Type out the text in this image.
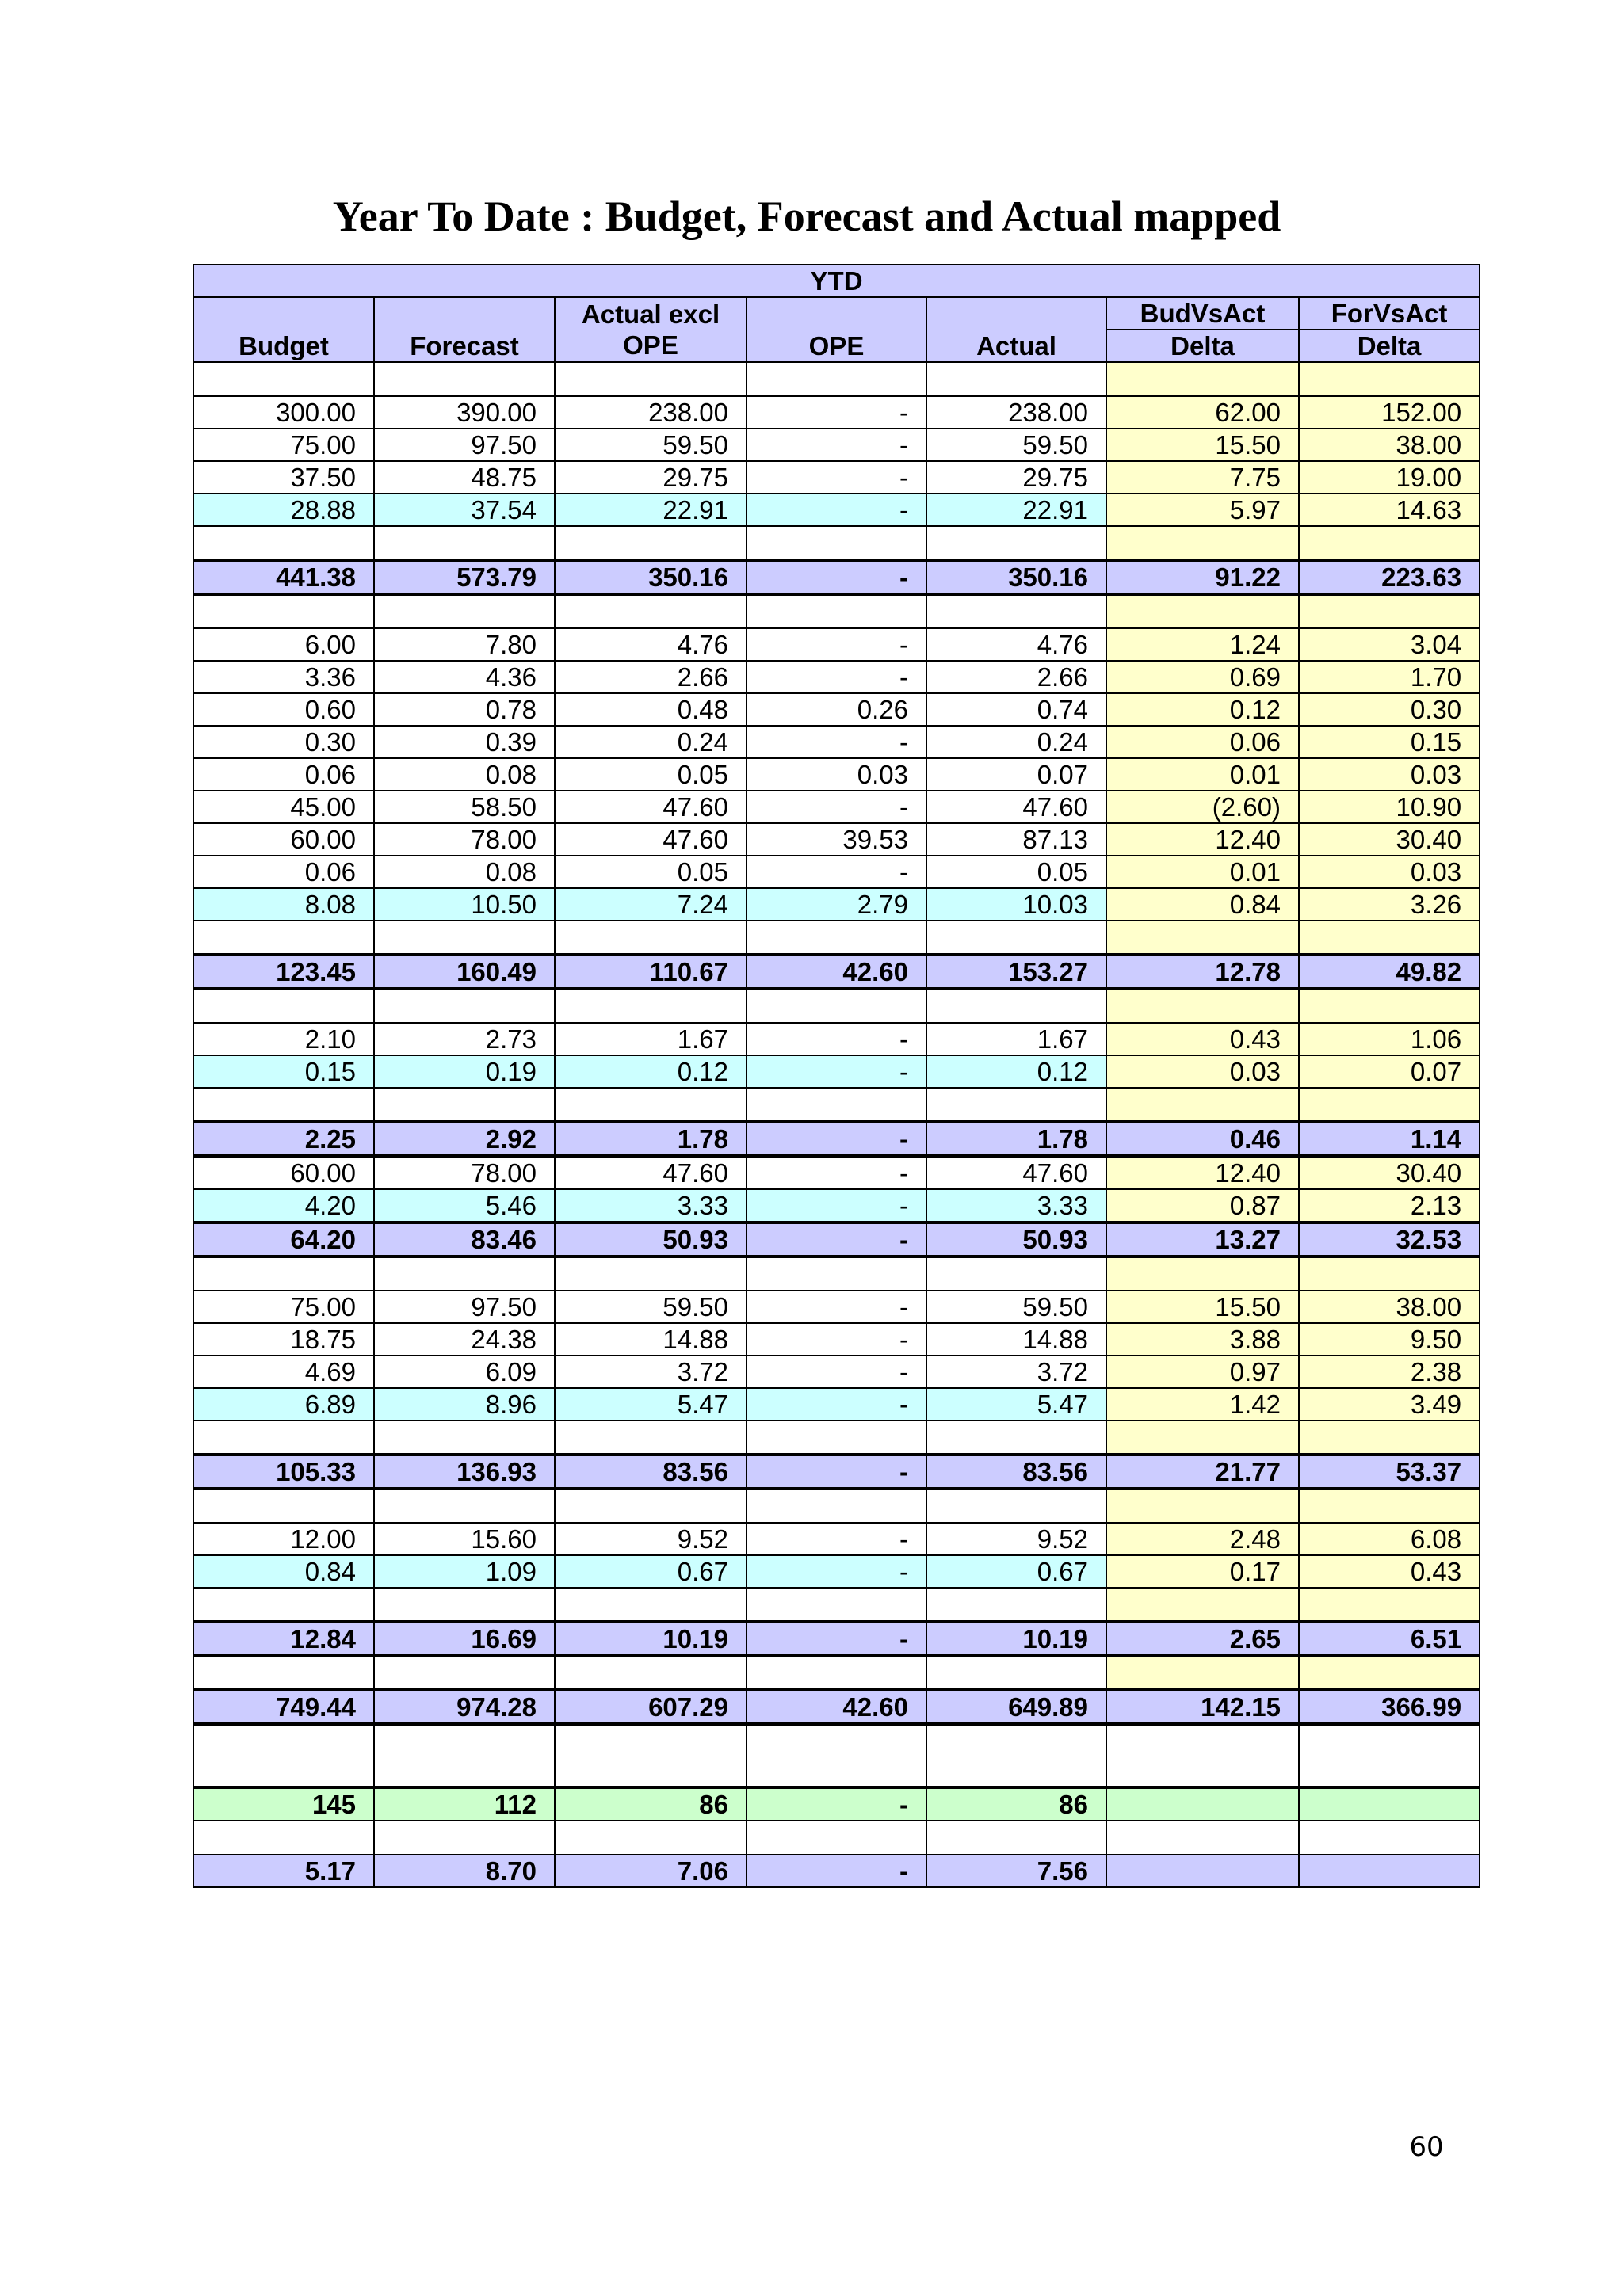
Year To Date : Budget, Forecast and Actual mapped
YTD						
Budget	Forecast	Actual excl	OPE	Actual	BudVsAct	ForVsAct
		OPE			Delta	Delta

300.00	390.00	238.00	-	238.00	62.00	152.00
75.00	97.50	59.50	-	59.50	15.50	38.00
37.50	48.75	29.75	-	29.75	7.75	19.00
28.88	37.54	22.91	-	22.91	5.97	14.63

441.38	573.79	350.16	-	350.16	91.22	223.63

6.00	7.80	4.76	-	4.76	1.24	3.04
3.36	4.36	2.66	-	2.66	0.69	1.70
0.60	0.78	0.48	0.26	0.74	0.12	0.30
0.30	0.39	0.24	-	0.24	0.06	0.15
0.06	0.08	0.05	0.03	0.07	0.01	0.03
45.00	58.50	47.60	-	47.60	(2.60)	10.90
60.00	78.00	47.60	39.53	87.13	12.40	30.40
0.06	0.08	0.05	-	0.05	0.01	0.03
8.08	10.50	7.24	2.79	10.03	0.84	3.26

123.45	160.49	110.67	42.60	153.27	12.78	49.82

2.10	2.73	1.67	-	1.67	0.43	1.06
0.15	0.19	0.12	-	0.12	0.03	0.07

2.25	2.92	1.78	-	1.78	0.46	1.14
60.00	78.00	47.60	-	47.60	12.40	30.40
4.20	5.46	3.33	-	3.33	0.87	2.13
64.20	83.46	50.93	-	50.93	13.27	32.53

75.00	97.50	59.50	-	59.50	15.50	38.00
18.75	24.38	14.88	-	14.88	3.88	9.50
4.69	6.09	3.72	-	3.72	0.97	2.38
6.89	8.96	5.47	-	5.47	1.42	3.49

105.33	136.93	83.56	-	83.56	21.77	53.37

12.00	15.60	9.52	-	9.52	2.48	6.08
0.84	1.09	0.67	-	0.67	0.17	0.43

12.84	16.69	10.19	-	10.19	2.65	6.51

749.44	974.28	607.29	42.60	649.89	142.15	366.99

145	112	86	-	86		

5.17	8.70	7.06	-	7.56		
60
